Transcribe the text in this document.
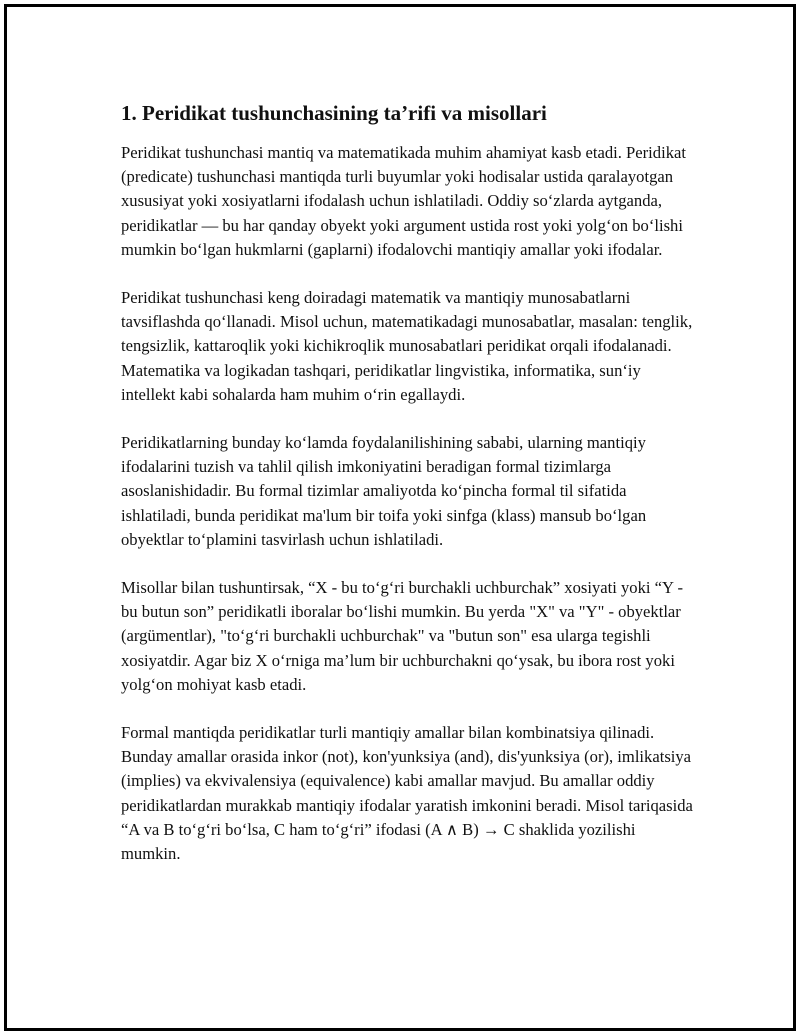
1. Peridikat tushunchasining ta’rifi va misollari

Peridikat tushunchasi mantiq va matematikada muhim ahamiyat kasb etadi. Peridikat (predicate) tushunchasi mantiqda turli buyumlar yoki hodisalar ustida qaralayotgan xususiyat yoki xosiyatlarni ifodalash uchun ishlatiladi. Oddiy so‘zlarda aytganda, peridikatlar — bu har qanday obyekt yoki argument ustida rost yoki yolg‘on bo‘lishi mumkin bo‘lgan hukmlarni (gaplarni) ifodalovchi mantiqiy amallar yoki ifodalar.

Peridikat tushunchasi keng doiradagi matematik va mantiqiy munosabatlarni tavsiflashda qo‘llanadi. Misol uchun, matematikadagi munosabatlar, masalan: tenglik, tengsizlik, kattaroqlik yoki kichikroqlik munosabatlari peridikat orqali ifodalanadi. Matematika va logikadan tashqari, peridikatlar lingvistika, informatika, sun‘iy intellekt kabi sohalarda ham muhim o‘rin egallaydi.

Peridikatlarning bunday ko‘lamda foydalanilishining sababi, ularning mantiqiy ifodalarini tuzish va tahlil qilish imkoniyatini beradigan formal tizimlarga asoslanishidadir. Bu formal tizimlar amaliyotda ko‘pincha formal til sifatida ishlatiladi, bunda peridikat ma'lum bir toifa yoki sinfga (klass) mansub bo‘lgan obyektlar to‘plamini tasvirlash uchun ishlatiladi.

Misollar bilan tushuntirsak, “X - bu to‘g‘ri burchakli uchburchak” xosiyati yoki “Y - bu butun son” peridikatli iboralar bo‘lishi mumkin. Bu yerda "X" va "Y" - obyektlar (argümentlar), "to‘g‘ri burchakli uchburchak" va "butun son" esa ularga tegishli xosiyatdir. Agar biz X o‘rniga ma’lum bir uchburchakni qo‘ysak, bu ibora rost yoki yolg‘on mohiyat kasb etadi.

Formal mantiqda peridikatlar turli mantiqiy amallar bilan kombinatsiya qilinadi. Bunday amallar orasida inkor (not), kon'yunksiya (and), dis'yunksiya (or), imlikatsiya (implies) va ekvivalensiya (equivalence) kabi amallar mavjud. Bu amallar oddiy peridikatlardan murakkab mantiqiy ifodalar yaratish imkonini beradi. Misol tariqasida “A va B to‘g‘ri bo‘lsa, C ham to‘g‘ri” ifodasi (A ∧ B) → C shaklida yozilishi mumkin.
